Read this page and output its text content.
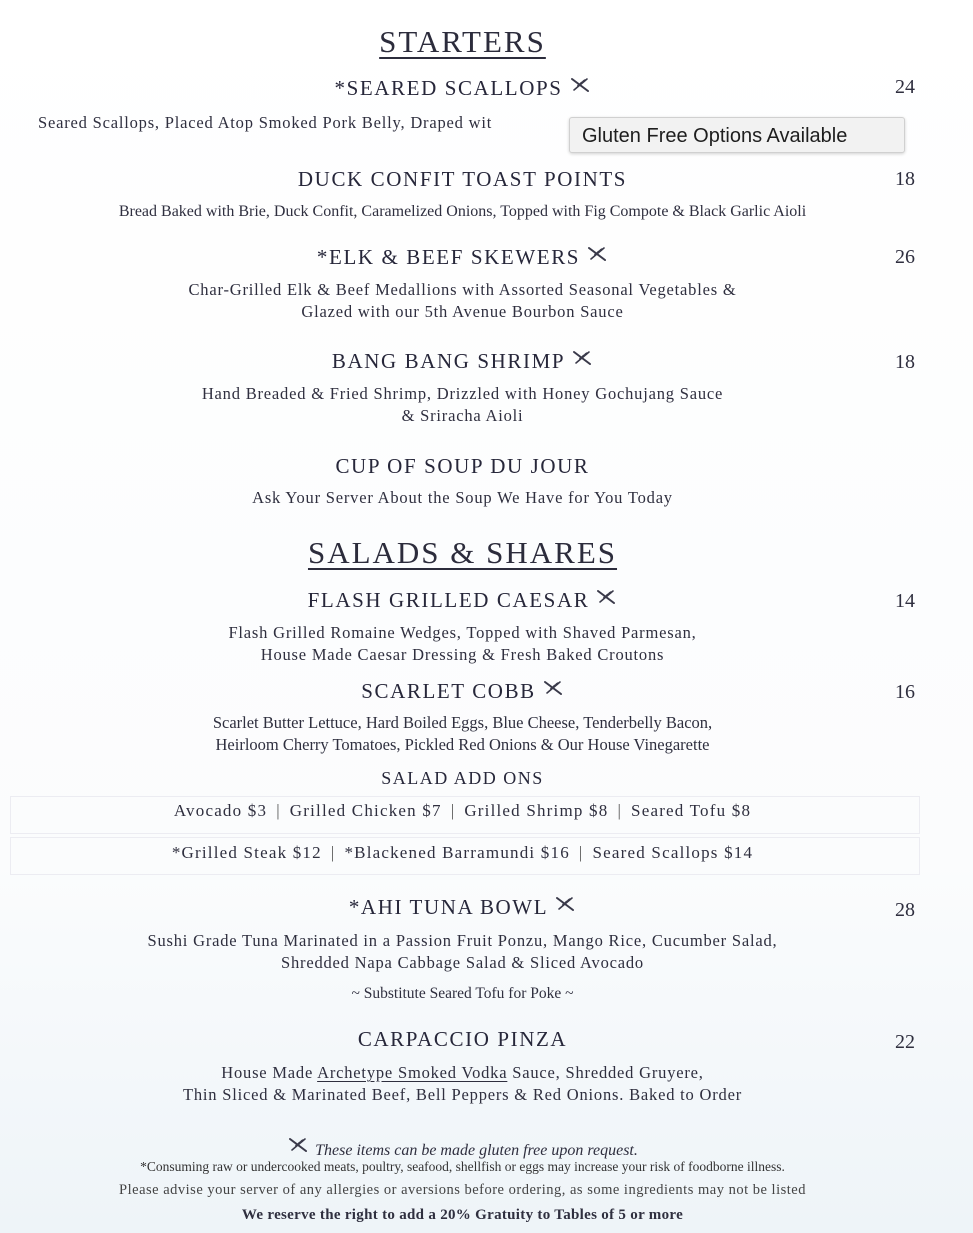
STARTERS
*SEARED SCALLOPS	24
Seared Scallops, Placed Atop Smoked Pork Belly, Draped wit
Gluten Free Options Available
DUCK CONFIT TOAST POINTS	18
Bread Baked with Brie, Duck Confit, Caramelized Onions, Topped with Fig Compote & Black Garlic Aioli
*ELK & BEEF SKEWERS	26
Char-Grilled Elk & Beef Medallions with Assorted Seasonal Vegetables &
Glazed with our 5th Avenue Bourbon Sauce
BANG BANG SHRIMP	18
Hand Breaded & Fried Shrimp, Drizzled with Honey Gochujang Sauce
& Sriracha Aioli
CUP OF SOUP DU JOUR
Ask Your Server About the Soup We Have for You Today
SALADS & SHARES
FLASH GRILLED CAESAR	14
Flash Grilled Romaine Wedges, Topped with Shaved Parmesan,
House Made Caesar Dressing & Fresh Baked Croutons
SCARLET COBB	16
Scarlet Butter Lettuce, Hard Boiled Eggs, Blue Cheese, Tenderbelly Bacon,
Heirloom Cherry Tomatoes, Pickled Red Onions & Our House Vinegarette
SALAD ADD ONS
Avocado $3 | Grilled Chicken $7 | Grilled Shrimp $8 | Seared Tofu $8
*Grilled Steak $12 | *Blackened Barramundi $16 | Seared Scallops $14
*AHI TUNA BOWL	28
Sushi Grade Tuna Marinated in a Passion Fruit Ponzu, Mango Rice, Cucumber Salad,
Shredded Napa Cabbage Salad & Sliced Avocado
~ Substitute Seared Tofu for Poke ~
CARPACCIO PINZA	22
House Made Archetype Smoked Vodka Sauce, Shredded Gruyere,
Thin Sliced & Marinated Beef, Bell Peppers & Red Onions. Baked to Order
These items can be made gluten free upon request.
*Consuming raw or undercooked meats, poultry, seafood, shellfish or eggs may increase your risk of foodborne illness.
Please advise your server of any allergies or aversions before ordering, as some ingredients may not be listed
We reserve the right to add a 20% Gratuity to Tables of 5 or more
